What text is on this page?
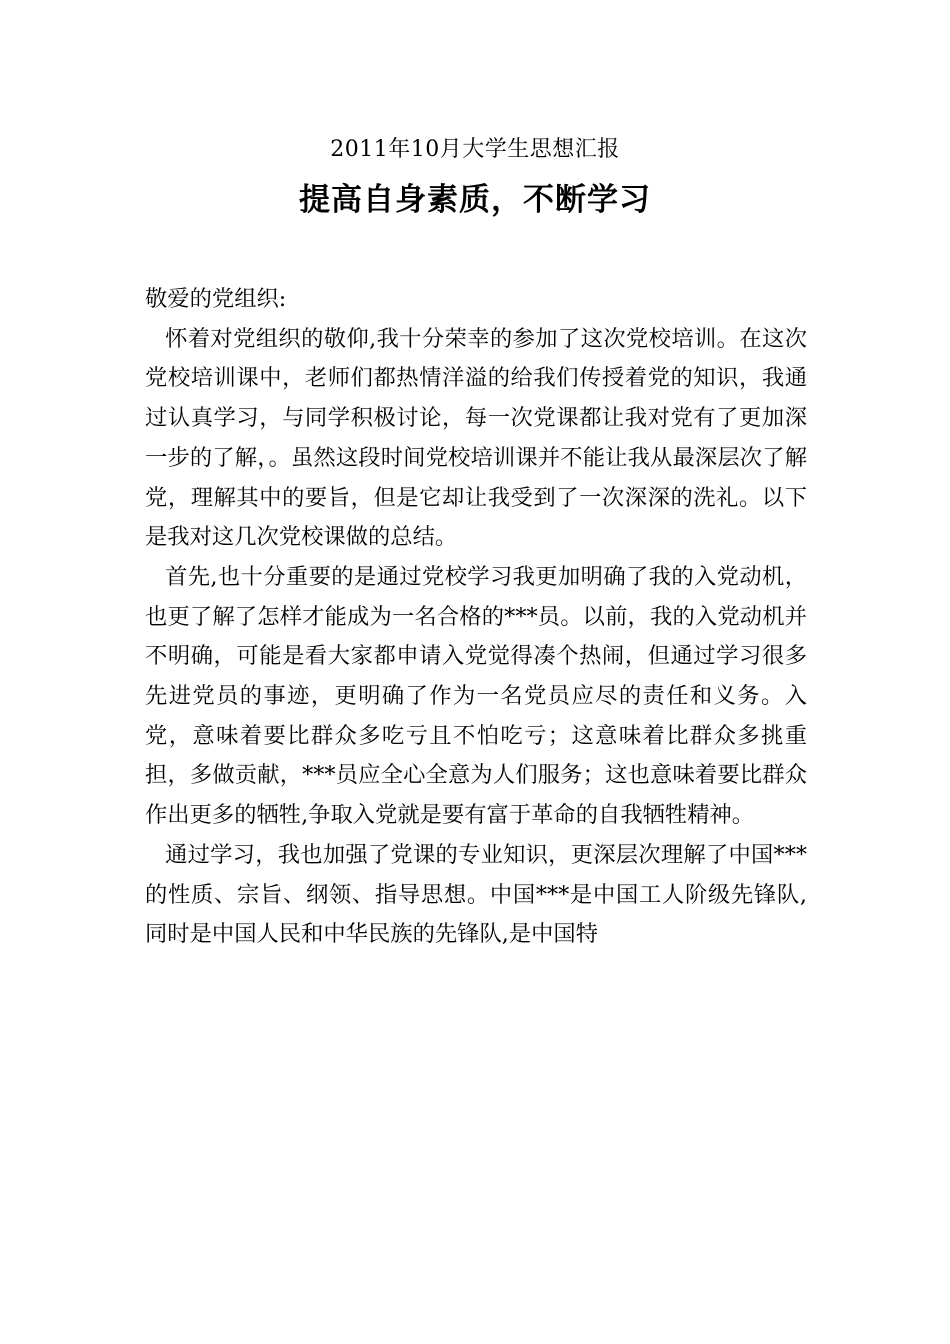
2011年10月大学生思想汇报
提高自身素质，不断学习

敬爱的党组织:

怀着对党组织的敬仰,我十分荣幸的参加了这次党校培训。在这次党校培训课中，老师们都热情洋溢的给我们传授着党的知识，我通过认真学习，与同学积极讨论，每一次党课都让我对党有了更加深一步的了解，。虽然这段时间党校培训课并不能让我从最深层次了解党，理解其中的要旨，但是它却让我受到了一次深深的洗礼。以下是我对这几次党校课做的总结。

首先,也十分重要的是通过党校学习我更加明确了我的入党动机，也更了解了怎样才能成为一名合格的***员。以前，我的入党动机并不明确，可能是看大家都申请入党觉得凑个热闹，但通过学习很多先进党员的事迹，更明确了作为一名党员应尽的责任和义务。入党，意味着要比群众多吃亏且不怕吃亏；这意味着比群众多挑重担，多做贡献，***员应全心全意为人们服务；这也意味着要比群众作出更多的牺牲,争取入党就是要有富于革命的自我牺牲精神。

通过学习，我也加强了党课的专业知识，更深层次理解了中国***的性质、宗旨、纲领、指导思想。中国***是中国工人阶级先锋队,同时是中国人民和中华民族的先锋队,是中国特
